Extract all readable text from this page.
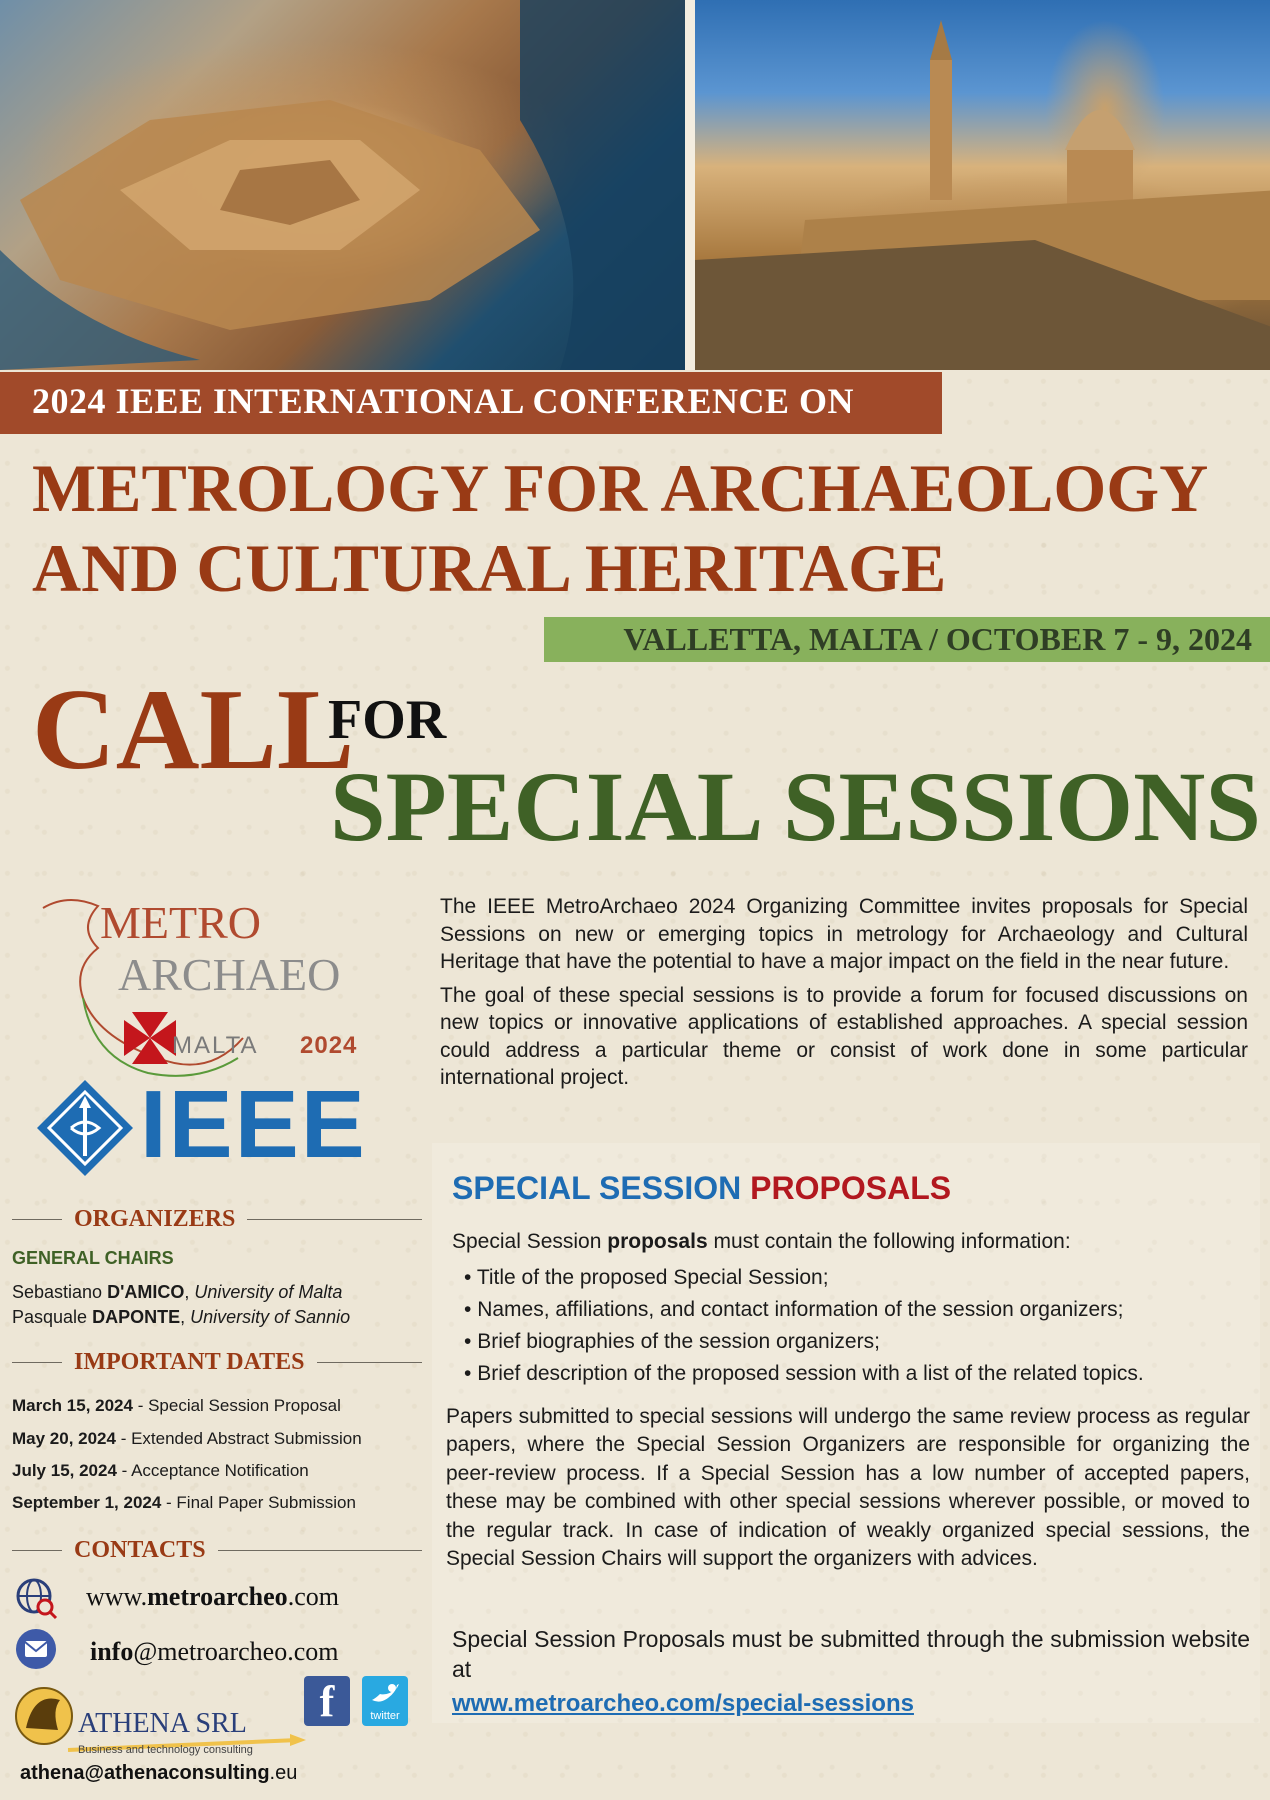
2024 IEEE INTERNATIONAL CONFERENCE ON
METROLOGY FOR ARCHAEOLOGY
AND CULTURAL HERITAGE
VALLETTA, MALTA / OCTOBER 7 - 9, 2024
CALL
FOR
SPECIAL SESSIONS
METRO
ARCHAEO
MALTA 2024
IEEE
ORGANIZERS
GENERAL CHAIRS
Sebastiano D'AMICO, University of Malta
Pasquale DAPONTE, University of Sannio
IMPORTANT DATES
March 15, 2024 - Special Session Proposal
May 20, 2024 - Extended Abstract Submission
July 15, 2024 - Acceptance Notification
September 1, 2024 - Final Paper Submission
CONTACTS
www.metroarcheo.com
info@metroarcheo.com
f	twitter
ATHENA SRL
Business and technology consulting
athena@athenaconsulting.eu

The IEEE MetroArchaeo 2024 Organizing Committee invites proposals for Special Sessions on new or emerging topics in metrology for Archaeology and Cultural Heritage that have the potential to have a major impact on the field in the near future.

The goal of these special sessions is to provide a forum for focused discussions on new topics or innovative applications of established approaches. A special session could address a particular theme or consist of work done in some particular international project.

SPECIAL SESSION PROPOSALS
Special Session proposals must contain the following information:
• Title of the proposed Special Session;
• Names, affiliations, and contact information of the session organizers;
• Brief biographies of the session organizers;
• Brief description of the proposed session with a list of the related topics.
Papers submitted to special sessions will undergo the same review process as regular papers, where the Special Session Organizers are responsible for organizing the peer-review process. If a Special Session has a low number of accepted papers, these may be combined with other special sessions wherever possible, or moved to the regular track. In case of indication of weakly organized special sessions, the Special Session Chairs will support the organizers with advices.
Special Session Proposals must be submitted through the submission website at
www.metroarcheo.com/special-sessions
